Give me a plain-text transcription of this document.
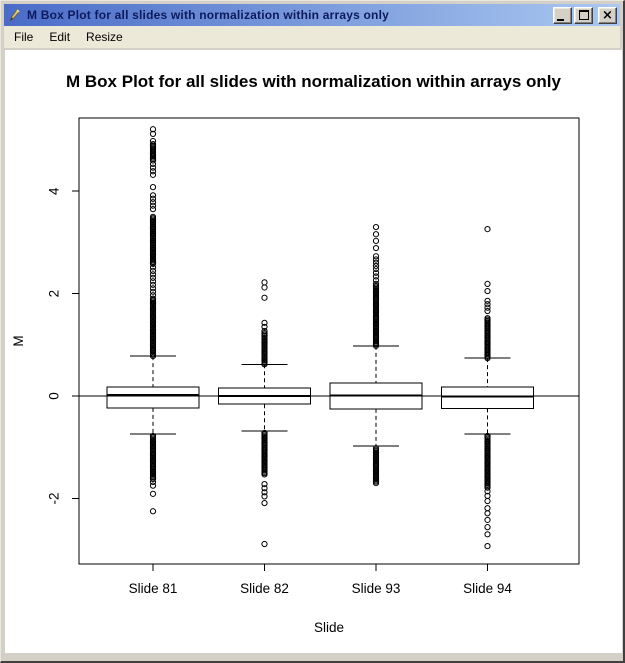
M Box Plot for all slides with normalization within arrays only	×
File	Edit	Resize
M Box Plot for all slides with normalization within arrays only
-2
0
2
4
M
Slide 81	Slide 82	Slide 93	Slide 94
Slide
